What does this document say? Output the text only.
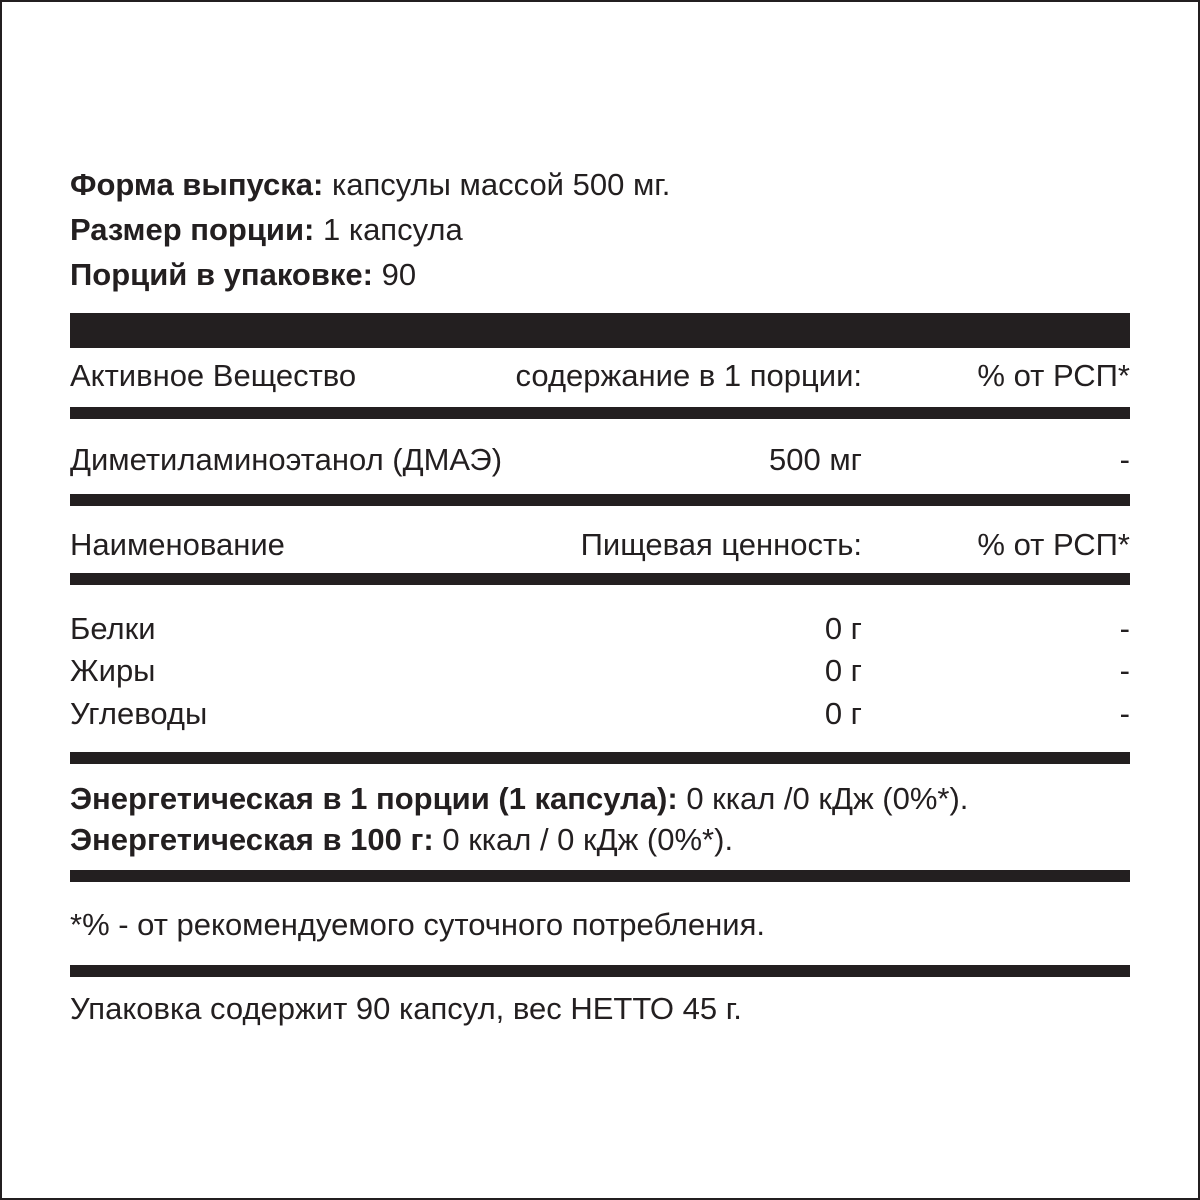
Форма выпуска: капсулы массой 500 мг.
Размер порции: 1 капсула
Порций в упаковке: 90
Активное Вещество	содержание в 1 порции:	% от РСП*
Диметиламиноэтанол (ДМАЭ)	500 мг	-
Наименование	Пищевая ценность:	% от РСП*
Белки	0 г	-
Жиры	0 г	-
Углеводы	0 г	-
Энергетическая в 1 порции (1 капсула): 0 ккал /0 кДж (0%*).
Энергетическая в 100 г: 0 ккал / 0 кДж (0%*).
*% - от рекомендуемого суточного потребления.
Упаковка содержит 90 капсул, вес НЕТТО 45 г.
